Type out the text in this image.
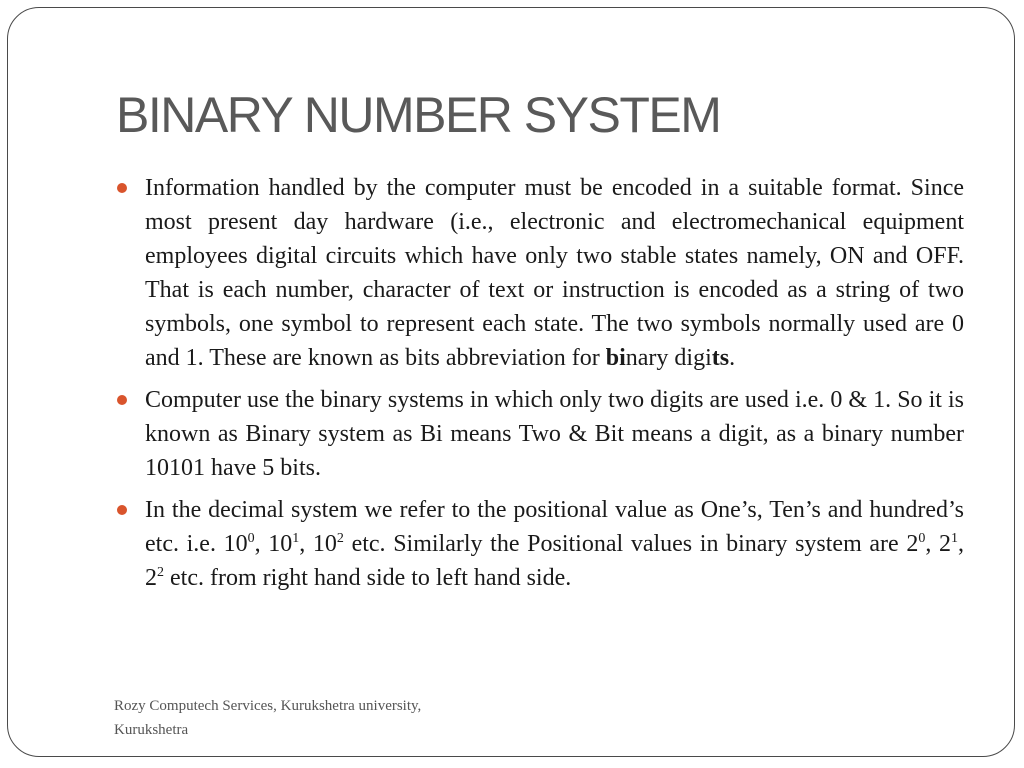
BINARY NUMBER SYSTEM
Information handled by the computer must be encoded in a suitable format. Since most present day hardware (i.e., electronic and electromechanical equipment employees digital circuits which have only two stable states namely, ON and OFF. That is each number, character of text or instruction is encoded as a string of two symbols, one symbol to represent each state. The two symbols normally used are 0 and 1. These are known as bits abbreviation for binary digits.
Computer use the binary systems in which only two digits are used i.e. 0 & 1. So it is known as Binary system as Bi means Two & Bit means a digit, as a binary number 10101 have 5 bits.
In the decimal system we refer to the positional value as One’s, Ten’s and hundred’s etc. i.e. $10^0$, $10^1$, $10^2$ etc. Similarly the Positional values in binary system are $2^0$, $2^1$, $2^2$ etc. from right hand side to left hand side.
Rozy Computech Services, Kurukshetra university,
Kurukshetra
